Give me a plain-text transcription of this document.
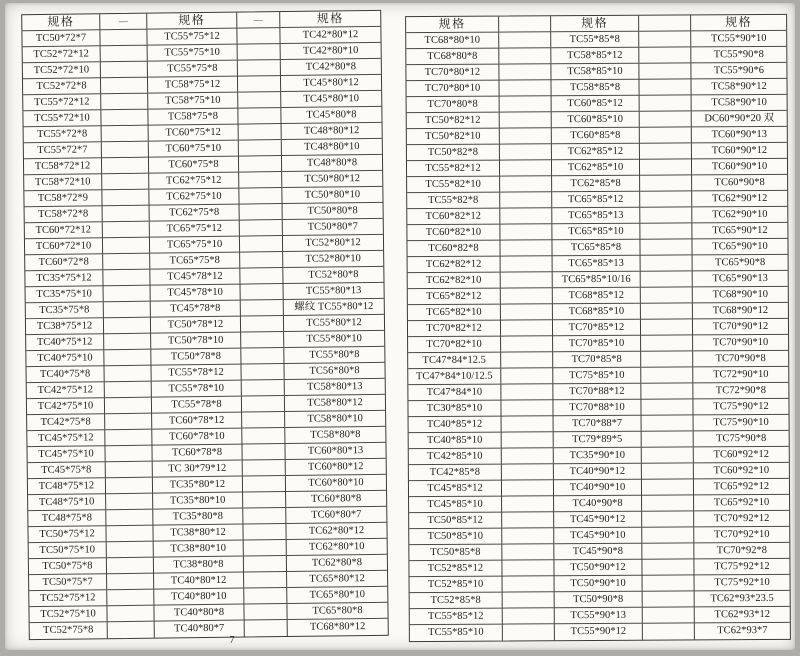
规格
TC50*72*7
TC52*72*12
TC52*72*10
TC52*72*8
TC55*72*12
TC55*72*10
TC55*72*8
TC55*72*7
TC58*72*12
TC58*72*10
TC58*72*9
TC58*72*8
TC60*72*12
TC60*72*10
TC60*72*8
TC35*75*12
TC35*75*10
TC35*75*8
TC38*75*12
TC40*75*12
TC40*75*10
TC40*75*8
TC42*75*12
TC42*75*10
TC42*75*8
TC45*75*12
TC45*75*10
TC45*75*8
TC48*75*12
TC48*75*10
TC48*75*8
TC50*75*12
TC50*75*10
TC50*75*8
TC50*75*7
TC52*75*12
TC52*75*10
TC52*75*8
—	规格
TC55*75*12
TC55*75*10
TC55*75*8
TC58*75*12
TC58*75*10
TC58*75*8
TC60*75*12
TC60*75*10
TC60*75*8
TC62*75*12
TC62*75*10
TC62*75*8
TC65*75*12
TC65*75*10
TC65*75*8
TC45*78*12
TC45*78*10
TC45*78*8
TC50*78*12
TC50*78*10
TC50*78*8
TC55*78*12
TC55*78*10
TC55*78*8
TC60*78*12
TC60*78*10
TC60*78*8
TC 30*79*12
TC35*80*12
TC35*80*10
TC35*80*8
TC38*80*12
TC38*80*10
TC38*80*8
TC40*80*12
TC40*80*10
TC40*80*8
TC40*80*7
—	规格
TC42*80*12
TC42*80*10
TC42*80*8
TC45*80*12
TC45*80*10
TC45*80*8
TC48*80*12
TC48*80*10
TC48*80*8
TC50*80*12
TC50*80*10
TC50*80*8
TC50*80*7
TC52*80*12
TC52*80*10
TC52*80*8
TC55*80*13
螺纹 TC55*80*12
TC55*80*12
TC55*80*10
TC55*80*8
TC56*80*8
TC58*80*13
TC58*80*12
TC58*80*10
TC58*80*8
TC60*80*13
TC60*80*12
TC60*80*10
TC60*80*8
TC60*80*7
TC62*80*12
TC62*80*10
TC62*80*8
TC65*80*12
TC65*80*10
TC65*80*8
TC68*80*12
规格
TC68*80*10
TC68*80*8
TC70*80*12
TC70*80*10
TC70*80*8
TC50*82*12
TC50*82*10
TC50*82*8
TC55*82*12
TC55*82*10
TC55*82*8
TC60*82*12
TC60*82*10
TC60*82*8
TC62*82*12
TC62*82*10
TC65*82*12
TC65*82*10
TC70*82*12
TC70*82*10
TC47*84*12.5
TC47*84*10/12.5
TC47*84*10
TC30*85*10
TC40*85*12
TC40*85*10
TC42*85*10
TC42*85*8
TC45*85*12
TC45*85*10
TC50*85*12
TC50*85*10
TC50*85*8
TC52*85*12
TC52*85*10
TC52*85*8
TC55*85*12
TC55*85*10
规格
TC55*85*8
TC58*85*12
TC58*85*10
TC58*85*8
TC60*85*12
TC60*85*10
TC60*85*8
TC62*85*12
TC62*85*10
TC62*85*8
TC65*85*12
TC65*85*13
TC65*85*10
TC65*85*8
TC65*85*13
TC65*85*10/16
TC68*85*12
TC68*85*10
TC70*85*12
TC70*85*10
TC70*85*8
TC75*85*10
TC70*88*12
TC70*88*10
TC70*88*7
TC79*89*5
TC35*90*10
TC40*90*12
TC40*90*10
TC40*90*8
TC45*90*12
TC45*90*10
TC45*90*8
TC50*90*12
TC50*90*10
TC50*90*8
TC55*90*13
TC55*90*12
规格
TC55*90*10
TC55*90*8
TC55*90*6
TC58*90*12
TC58*90*10
DC60*90*20 双
TC60*90*13
TC60*90*12
TC60*90*10
TC60*90*8
TC62*90*12
TC62*90*10
TC65*90*12
TC65*90*10
TC65*90*8
TC65*90*13
TC68*90*10
TC68*90*12
TC70*90*12
TC70*90*10
TC70*90*8
TC72*90*10
TC72*90*8
TC75*90*12
TC75*90*10
TC75*90*8
TC60*92*12
TC60*92*10
TC65*92*12
TC65*92*10
TC70*92*12
TC70*92*10
TC70*92*8
TC75*92*12
TC75*92*10
TC62*93*23.5
TC62*93*12
TC62*93*7
7
